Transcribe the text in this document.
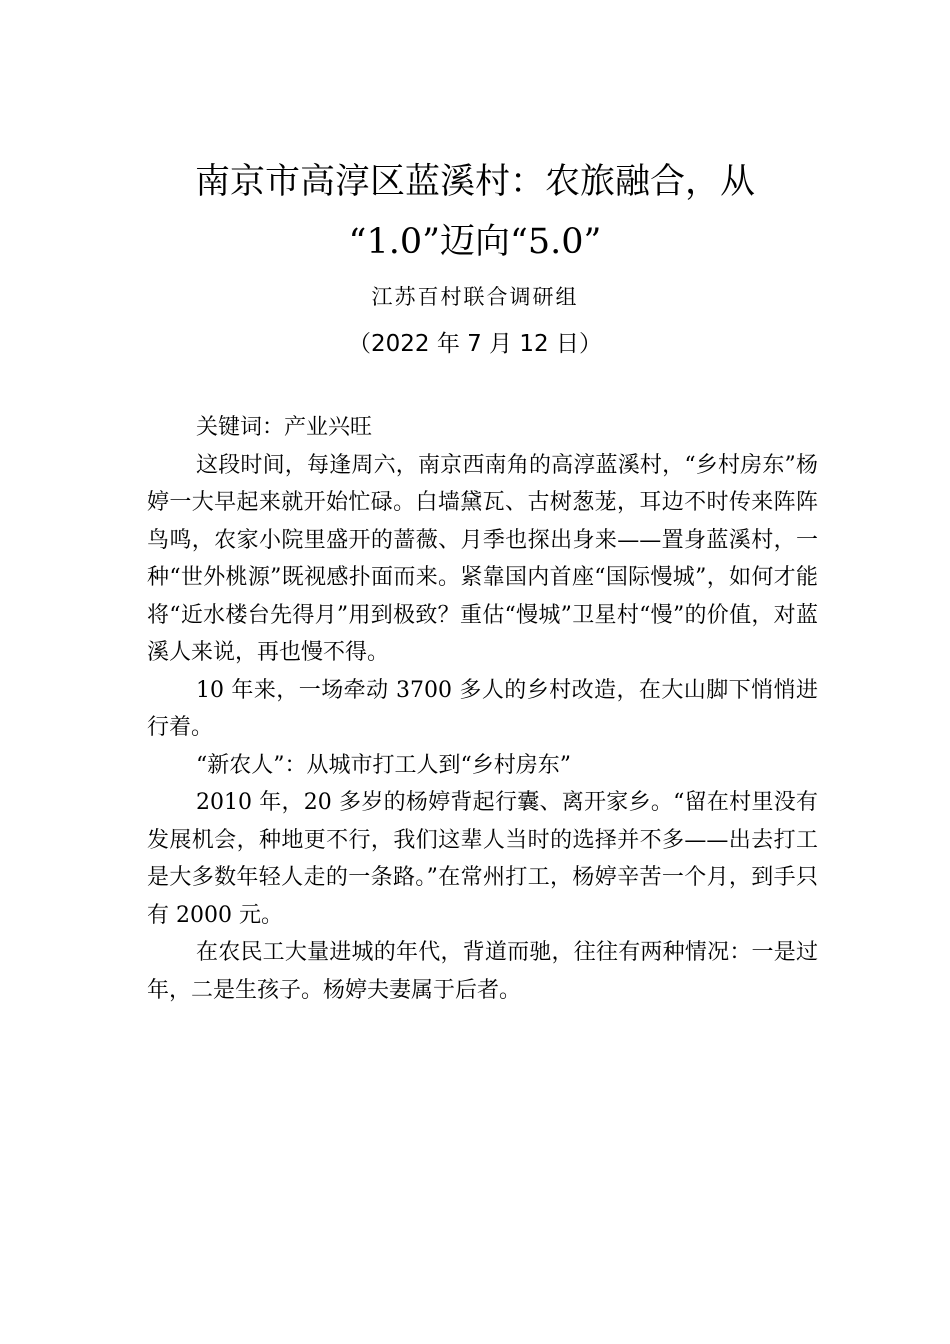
南京市高淳区蓝溪村：农旅融合，从
“1.0”迈向“5.0”
江苏百村联合调研组
（2022 年 7 月 12 日）

关键词：产业兴旺

这段时间，每逢周六，南京西南角的高淳蓝溪村，“乡村房东”杨婷一大早起来就开始忙碌。白墙黛瓦、古树葱茏，耳边不时传来阵阵鸟鸣，农家小院里盛开的蔷薇、月季也探出身来——置身蓝溪村，一种“世外桃源”既视感扑面而来。紧靠国内首座“国际慢城”，如何才能将“近水楼台先得月”用到极致？重估“慢城”卫星村“慢”的价值，对蓝溪人来说，再也慢不得。

10 年来，一场牵动 3700 多人的乡村改造，在大山脚下悄悄进行着。

“新农人”：从城市打工人到“乡村房东”

2010 年，20 多岁的杨婷背起行囊、离开家乡。“留在村里没有发展机会，种地更不行，我们这辈人当时的选择并不多——出去打工是大多数年轻人走的一条路。”在常州打工，杨婷辛苦一个月，到手只有 2000 元。

在农民工大量进城的年代，背道而驰，往往有两种情况：一是过年，二是生孩子。杨婷夫妻属于后者。
